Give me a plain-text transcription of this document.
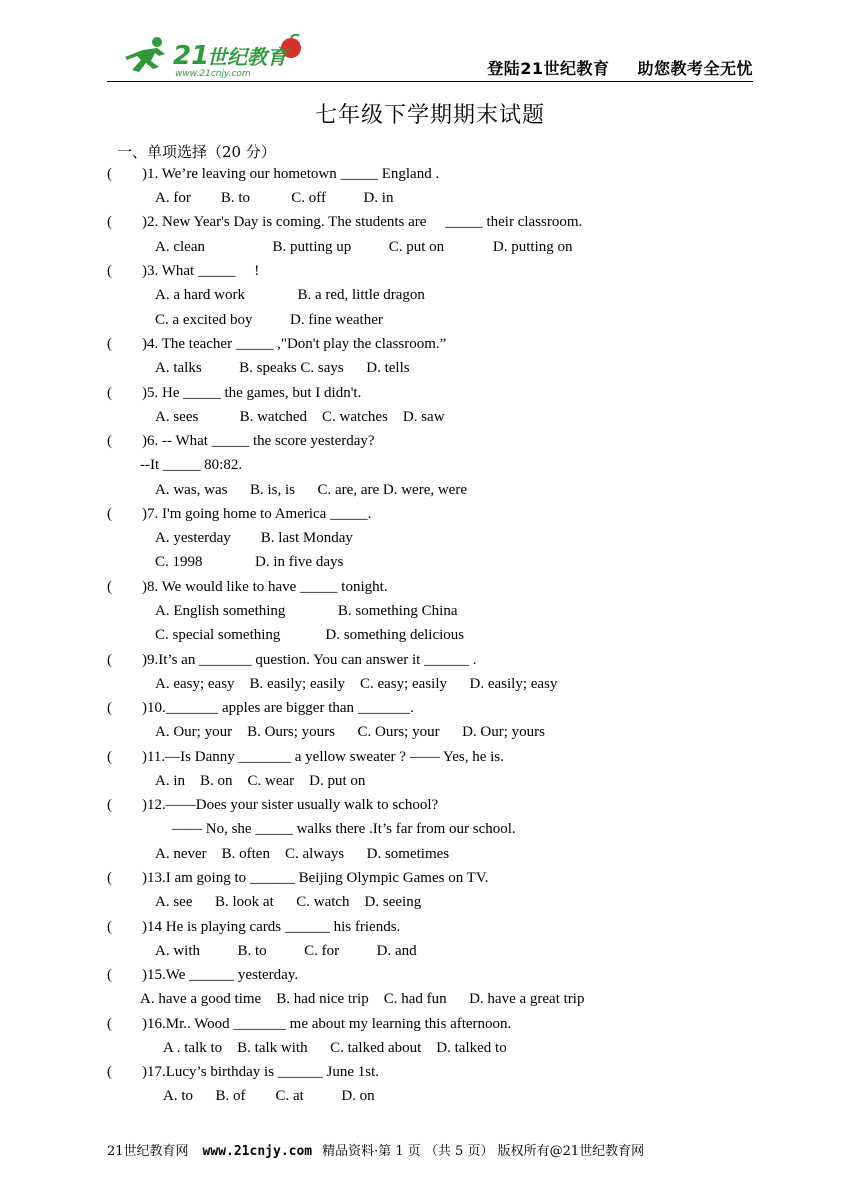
21
世纪教育
www.21cnjy.com	登陆21世纪教育 助您教考全无忧
七年级下学期期末试题
一、单项选择（20 分）
(        )1. We’re leaving our hometown _____ England .
A. for        B. to           C. off          D. in
(        )2. New Year's Day is coming. The students are     _____ their classroom.
A. clean                  B. putting up          C. put on             D. putting on
(        )3. What _____     !
A. a hard work              B. a red, little dragon
C. a excited boy          D. fine weather
(        )4. The teacher _____ ,"Don't play the classroom.”
A. talks          B. speaks C. says      D. tells
(        )5. He _____ the games, but I didn't.
A. sees           B. watched    C. watches    D. saw
(        )6. -- What _____ the score yesterday?
--It _____ 80:82.
A. was, was      B. is, is      C. are, are D. were, were
(        )7. I'm going home to America _____.
A. yesterday        B. last Monday
C. 1998              D. in five days
(        )8. We would like to have _____ tonight.
A. English something              B. something China
C. special something            D. something delicious
(        )9.It’s an _______ question. You can answer it ______ .
A. easy; easy    B. easily; easily    C. easy; easily      D. easily; easy
(        )10._______ apples are bigger than _______.
A. Our; your    B. Ours; yours      C. Ours; your      D. Our; yours
(        )11.—Is Danny _______ a yellow sweater ? —— Yes, he is.
A. in    B. on    C. wear    D. put on
(        )12.——Does your sister usually walk to school?
—— No, she _____ walks there .It’s far from our school.
A. never    B. often    C. always      D. sometimes
(        )13.I am going to ______ Beijing Olympic Games on TV.
A. see      B. look at      C. watch    D. seeing
(        )14 He is playing cards ______ his friends.
A. with          B. to          C. for          D. and
(        )15.We ______ yesterday.
A. have a good time    B. had nice trip    C. had fun      D. have a great trip
(        )16.Mr.. Wood _______ me about my learning this afternoon.
A . talk to    B. talk with      C. talked about    D. talked to
(        )17.Lucy’s birthday is ______ June 1st.
A. to      B. of        C. at          D. on
21世纪教育网 www.21cnjy.com 精品资料·第 1 页 （共 5 页） 版权所有@21世纪教育网
